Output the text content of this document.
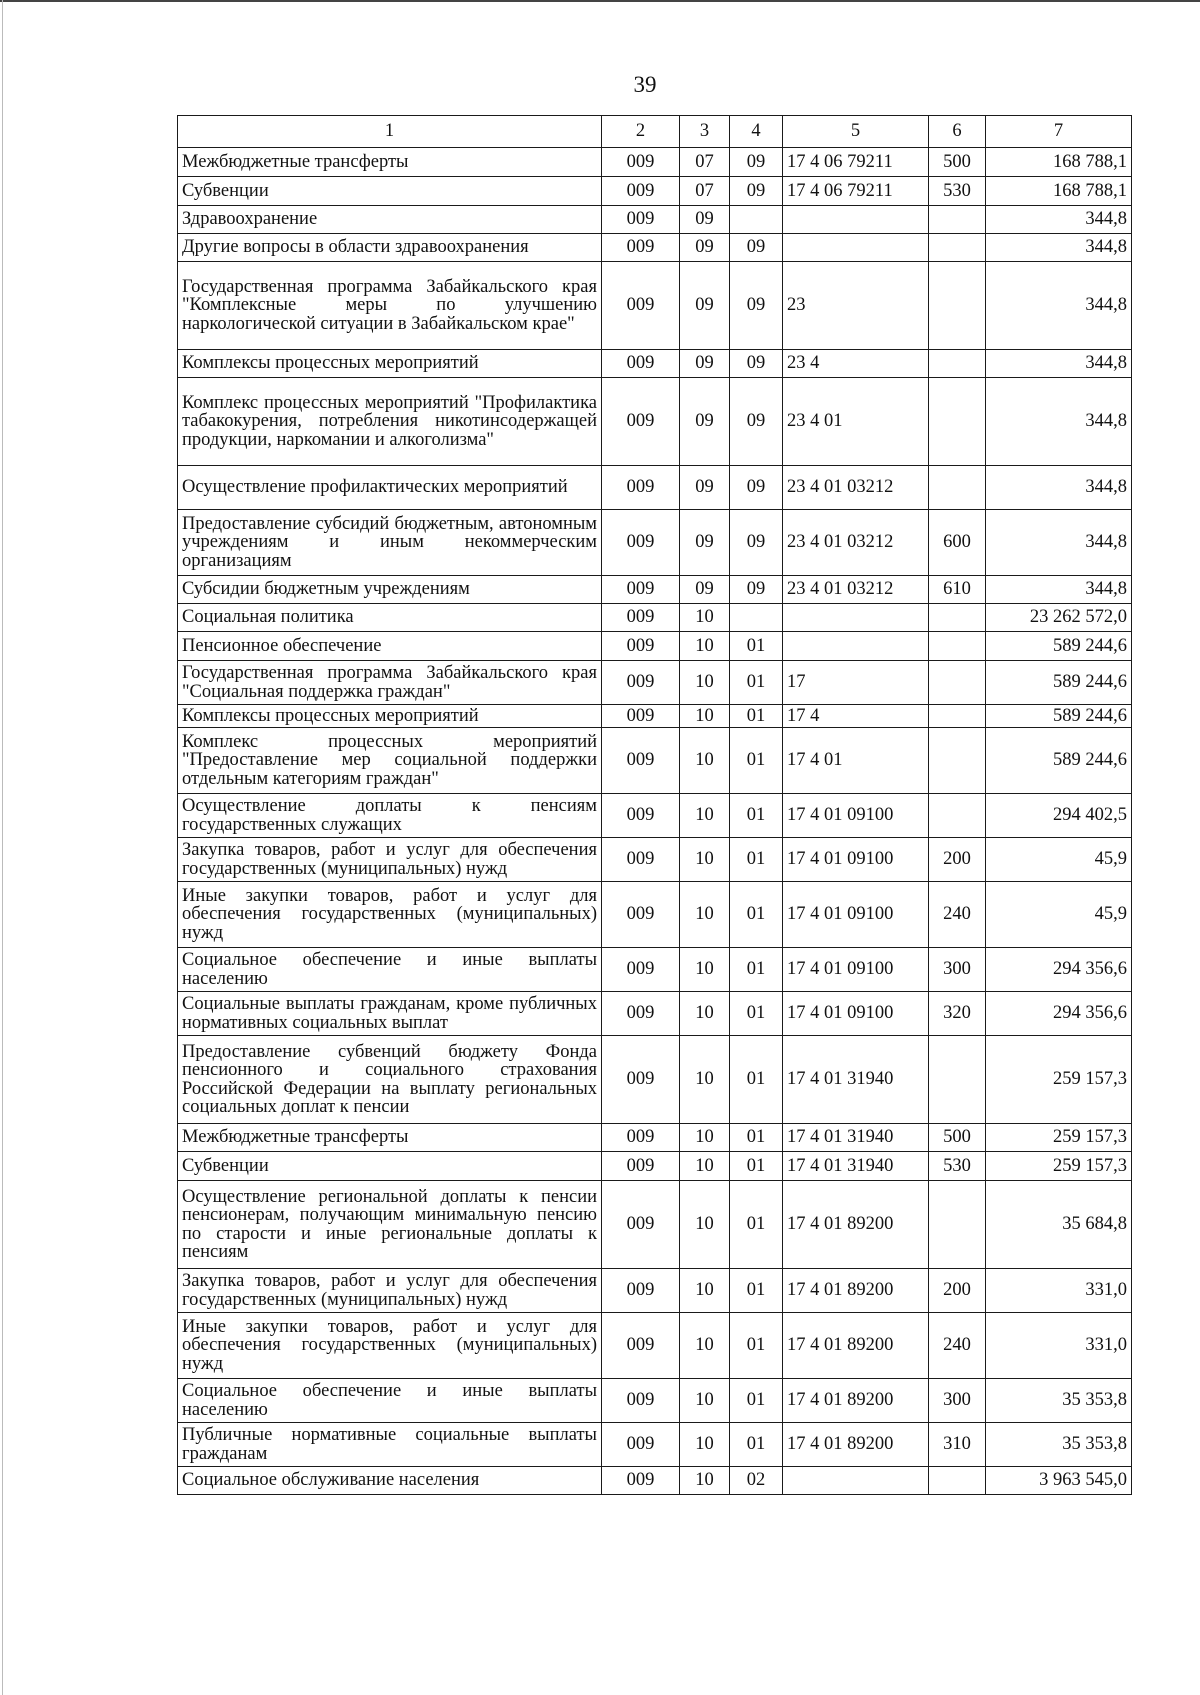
39
1	2	3	4	5	6	7
Межбюджетные трансферты	009	07	09	17 4 06 79211	500	168 788,1
Субвенции	009	07	09	17 4 06 79211	530	168 788,1
Здравоохранение	009	09				344,8
Другие вопросы в области здравоохранения	009	09	09			344,8
Государственная программа Забайкальского края "Комплексные меры по улучшению наркологической ситуации в Забайкальском крае"	009	09	09	23		344,8
Комплексы процессных мероприятий	009	09	09	23 4		344,8
Комплекс процессных мероприятий "Профилактика табакокурения, потребления никотинсодержащей продукции, наркомании и алкоголизма"	009	09	09	23 4 01		344,8
Осуществление профилактических мероприятий	009	09	09	23 4 01 03212		344,8
Предоставление субсидий бюджетным, автономным учреждениям и иным некоммерческим организациям	009	09	09	23 4 01 03212	600	344,8
Субсидии бюджетным учреждениям	009	09	09	23 4 01 03212	610	344,8
Социальная политика	009	10				23 262 572,0
Пенсионное обеспечение	009	10	01			589 244,6
Государственная программа Забайкальского края "Социальная поддержка граждан"	009	10	01	17		589 244,6
Комплексы процессных мероприятий	009	10	01	17 4		589 244,6
Комплекс процессных мероприятий "Предоставление мер социальной поддержки отдельным категориям граждан"	009	10	01	17 4 01		589 244,6
Осуществление доплаты к пенсиям государственных служащих	009	10	01	17 4 01 09100		294 402,5
Закупка товаров, работ и услуг для обеспечения государственных (муниципальных) нужд	009	10	01	17 4 01 09100	200	45,9
Иные закупки товаров, работ и услуг для обеспечения государственных (муниципальных) нужд	009	10	01	17 4 01 09100	240	45,9
Социальное обеспечение и иные выплаты населению	009	10	01	17 4 01 09100	300	294 356,6
Социальные выплаты гражданам, кроме публичных нормативных социальных выплат	009	10	01	17 4 01 09100	320	294 356,6
Предоставление субвенций бюджету Фонда пенсионного и социального страхования Российской Федерации на выплату региональных социальных доплат к пенсии	009	10	01	17 4 01 31940		259 157,3
Межбюджетные трансферты	009	10	01	17 4 01 31940	500	259 157,3
Субвенции	009	10	01	17 4 01 31940	530	259 157,3
Осуществление региональной доплаты к пенсии пенсионерам, получающим минимальную пенсию по старости и иные региональные доплаты к пенсиям	009	10	01	17 4 01 89200		35 684,8
Закупка товаров, работ и услуг для обеспечения государственных (муниципальных) нужд	009	10	01	17 4 01 89200	200	331,0
Иные закупки товаров, работ и услуг для обеспечения государственных (муниципальных) нужд	009	10	01	17 4 01 89200	240	331,0
Социальное обеспечение и иные выплаты населению	009	10	01	17 4 01 89200	300	35 353,8
Публичные нормативные социальные выплаты гражданам	009	10	01	17 4 01 89200	310	35 353,8
Социальное обслуживание населения	009	10	02			3 963 545,0
